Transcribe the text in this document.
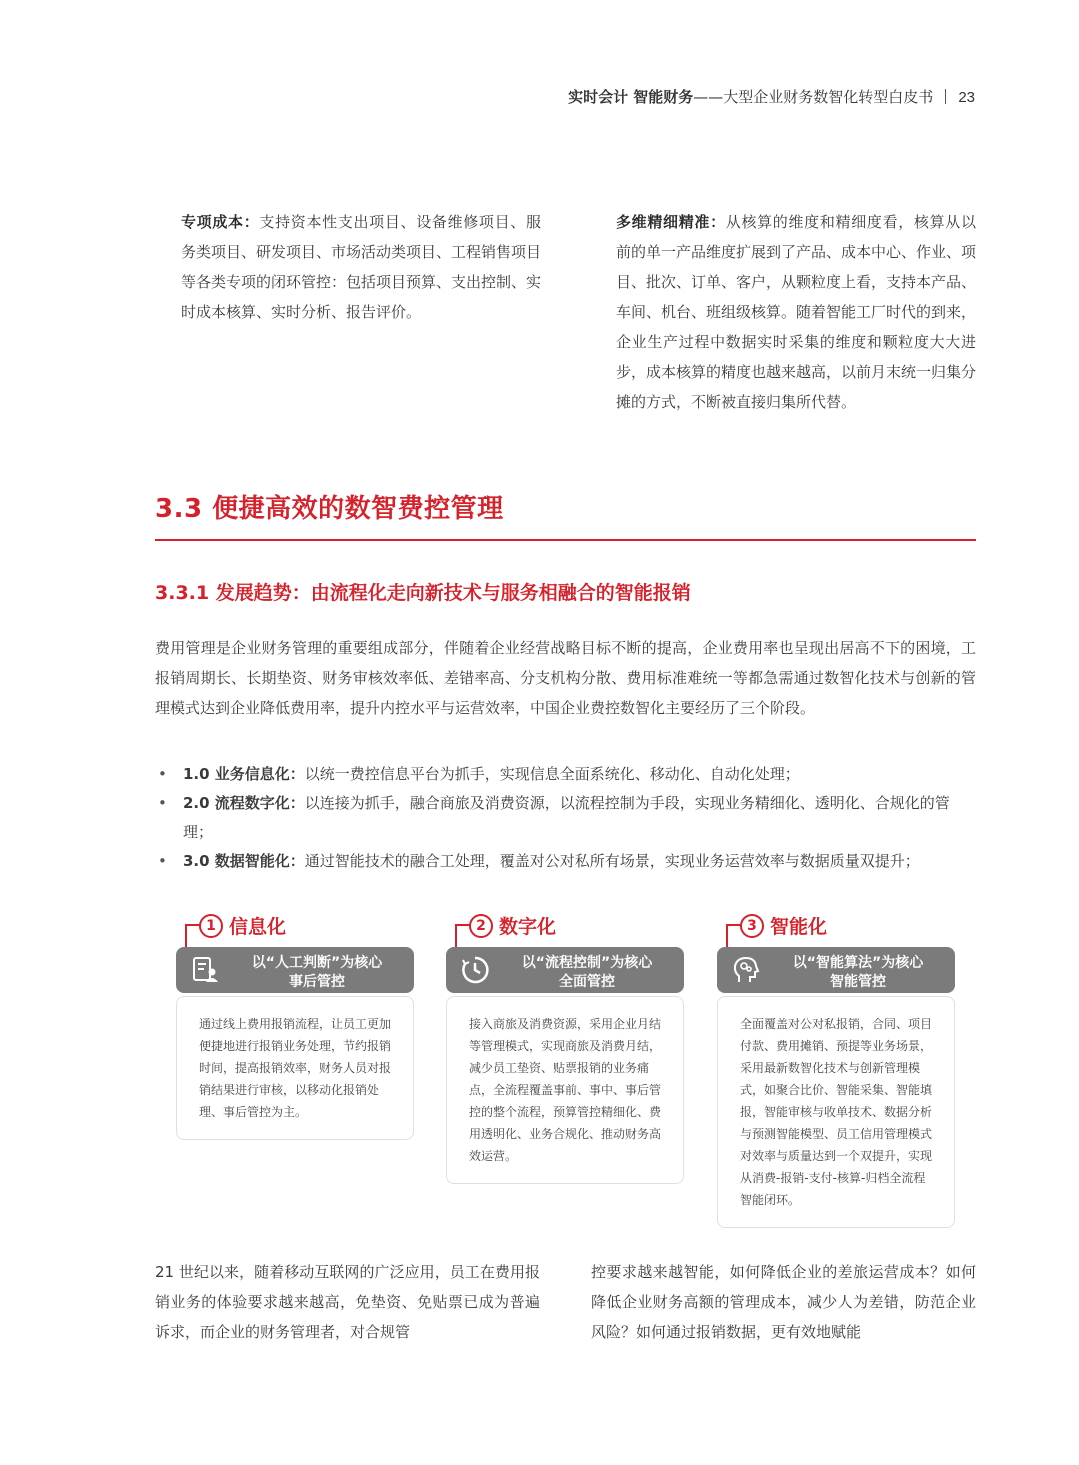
实时会计 智能财务——大型企业财务数智化转型白皮书 23
专项成本：支持资本性支出项目、设备维修项目、服务类项目、研发项目、市场活动类项目、工程销售项目等各类专项的闭环管控：包括项目预算、支出控制、实时成本核算、实时分析、报告评价。
多维精细精准：从核算的维度和精细度看，核算从以前的单一产品维度扩展到了产品、成本中心、作业、项目、批次、订单、客户，从颗粒度上看，支持本产品、车间、机台、班组级核算。随着智能工厂时代的到来，企业生产过程中数据实时采集的维度和颗粒度大大进步，成本核算的精度也越来越高，以前月末统一归集分摊的方式，不断被直接归集所代替。
3.3 便捷高效的数智费控管理
3.3.1 发展趋势：由流程化走向新技术与服务相融合的智能报销
费用管理是企业财务管理的重要组成部分，伴随着企业经营战略目标不断的提高，企业费用率也呈现出居高不下的困境，工报销周期长、长期垫资、财务审核效率低、差错率高、分支机构分散、费用标准难统一等都急需通过数智化技术与创新的管理模式达到企业降低费用率，提升内控水平与运营效率，中国企业费控数智化主要经历了三个阶段。
• 1.0 业务信息化：以统一费控信息平台为抓手，实现信息全面系统化、移动化、自动化处理；
• 2.0 流程数字化：以连接为抓手，融合商旅及消费资源，以流程控制为手段，实现业务精细化、透明化、合规化的管理；
• 3.0 数据智能化：通过智能技术的融合工处理，覆盖对公对私所有场景，实现业务运营效率与数据质量双提升；
1 信息化
通过线上费用报销流程，让员工更加便捷地进行报销业务处理，节约报销时间，提高报销效率，财务人员对报销结果进行审核，以移动化报销处理、事后管控为主。
以“人工判断”为核心
事后管控
2 数字化
接入商旅及消费资源，采用企业月结等管理模式，实现商旅及消费月结，减少员工垫资、贴票报销的业务痛点，全流程覆盖事前、事中、事后管控的整个流程，预算管控精细化、费用透明化、业务合规化、推动财务高效运营。
以“流程控制”为核心
全面管控
3 智能化
全面覆盖对公对私报销，合同、项目付款、费用摊销、预提等业务场景，采用最新数智化技术与创新管理模式，如聚合比价、智能采集、智能填报，智能审核与收单技术、数据分析与预测智能模型、员工信用管理模式对效率与质量达到一个双提升，实现从消费-报销-支付-核算-归档全流程智能闭环。
以“智能算法”为核心
智能管控
21 世纪以来，随着移动互联网的广泛应用，员工在费用报销业务的体验要求越来越高，免垫资、免贴票已成为普遍诉求，而企业的财务管理者，对合规管
控要求越来越智能，如何降低企业的差旅运营成本？如何降低企业财务高额的管理成本，减少人为差错，防范企业风险？如何通过报销数据，更有效地赋能
